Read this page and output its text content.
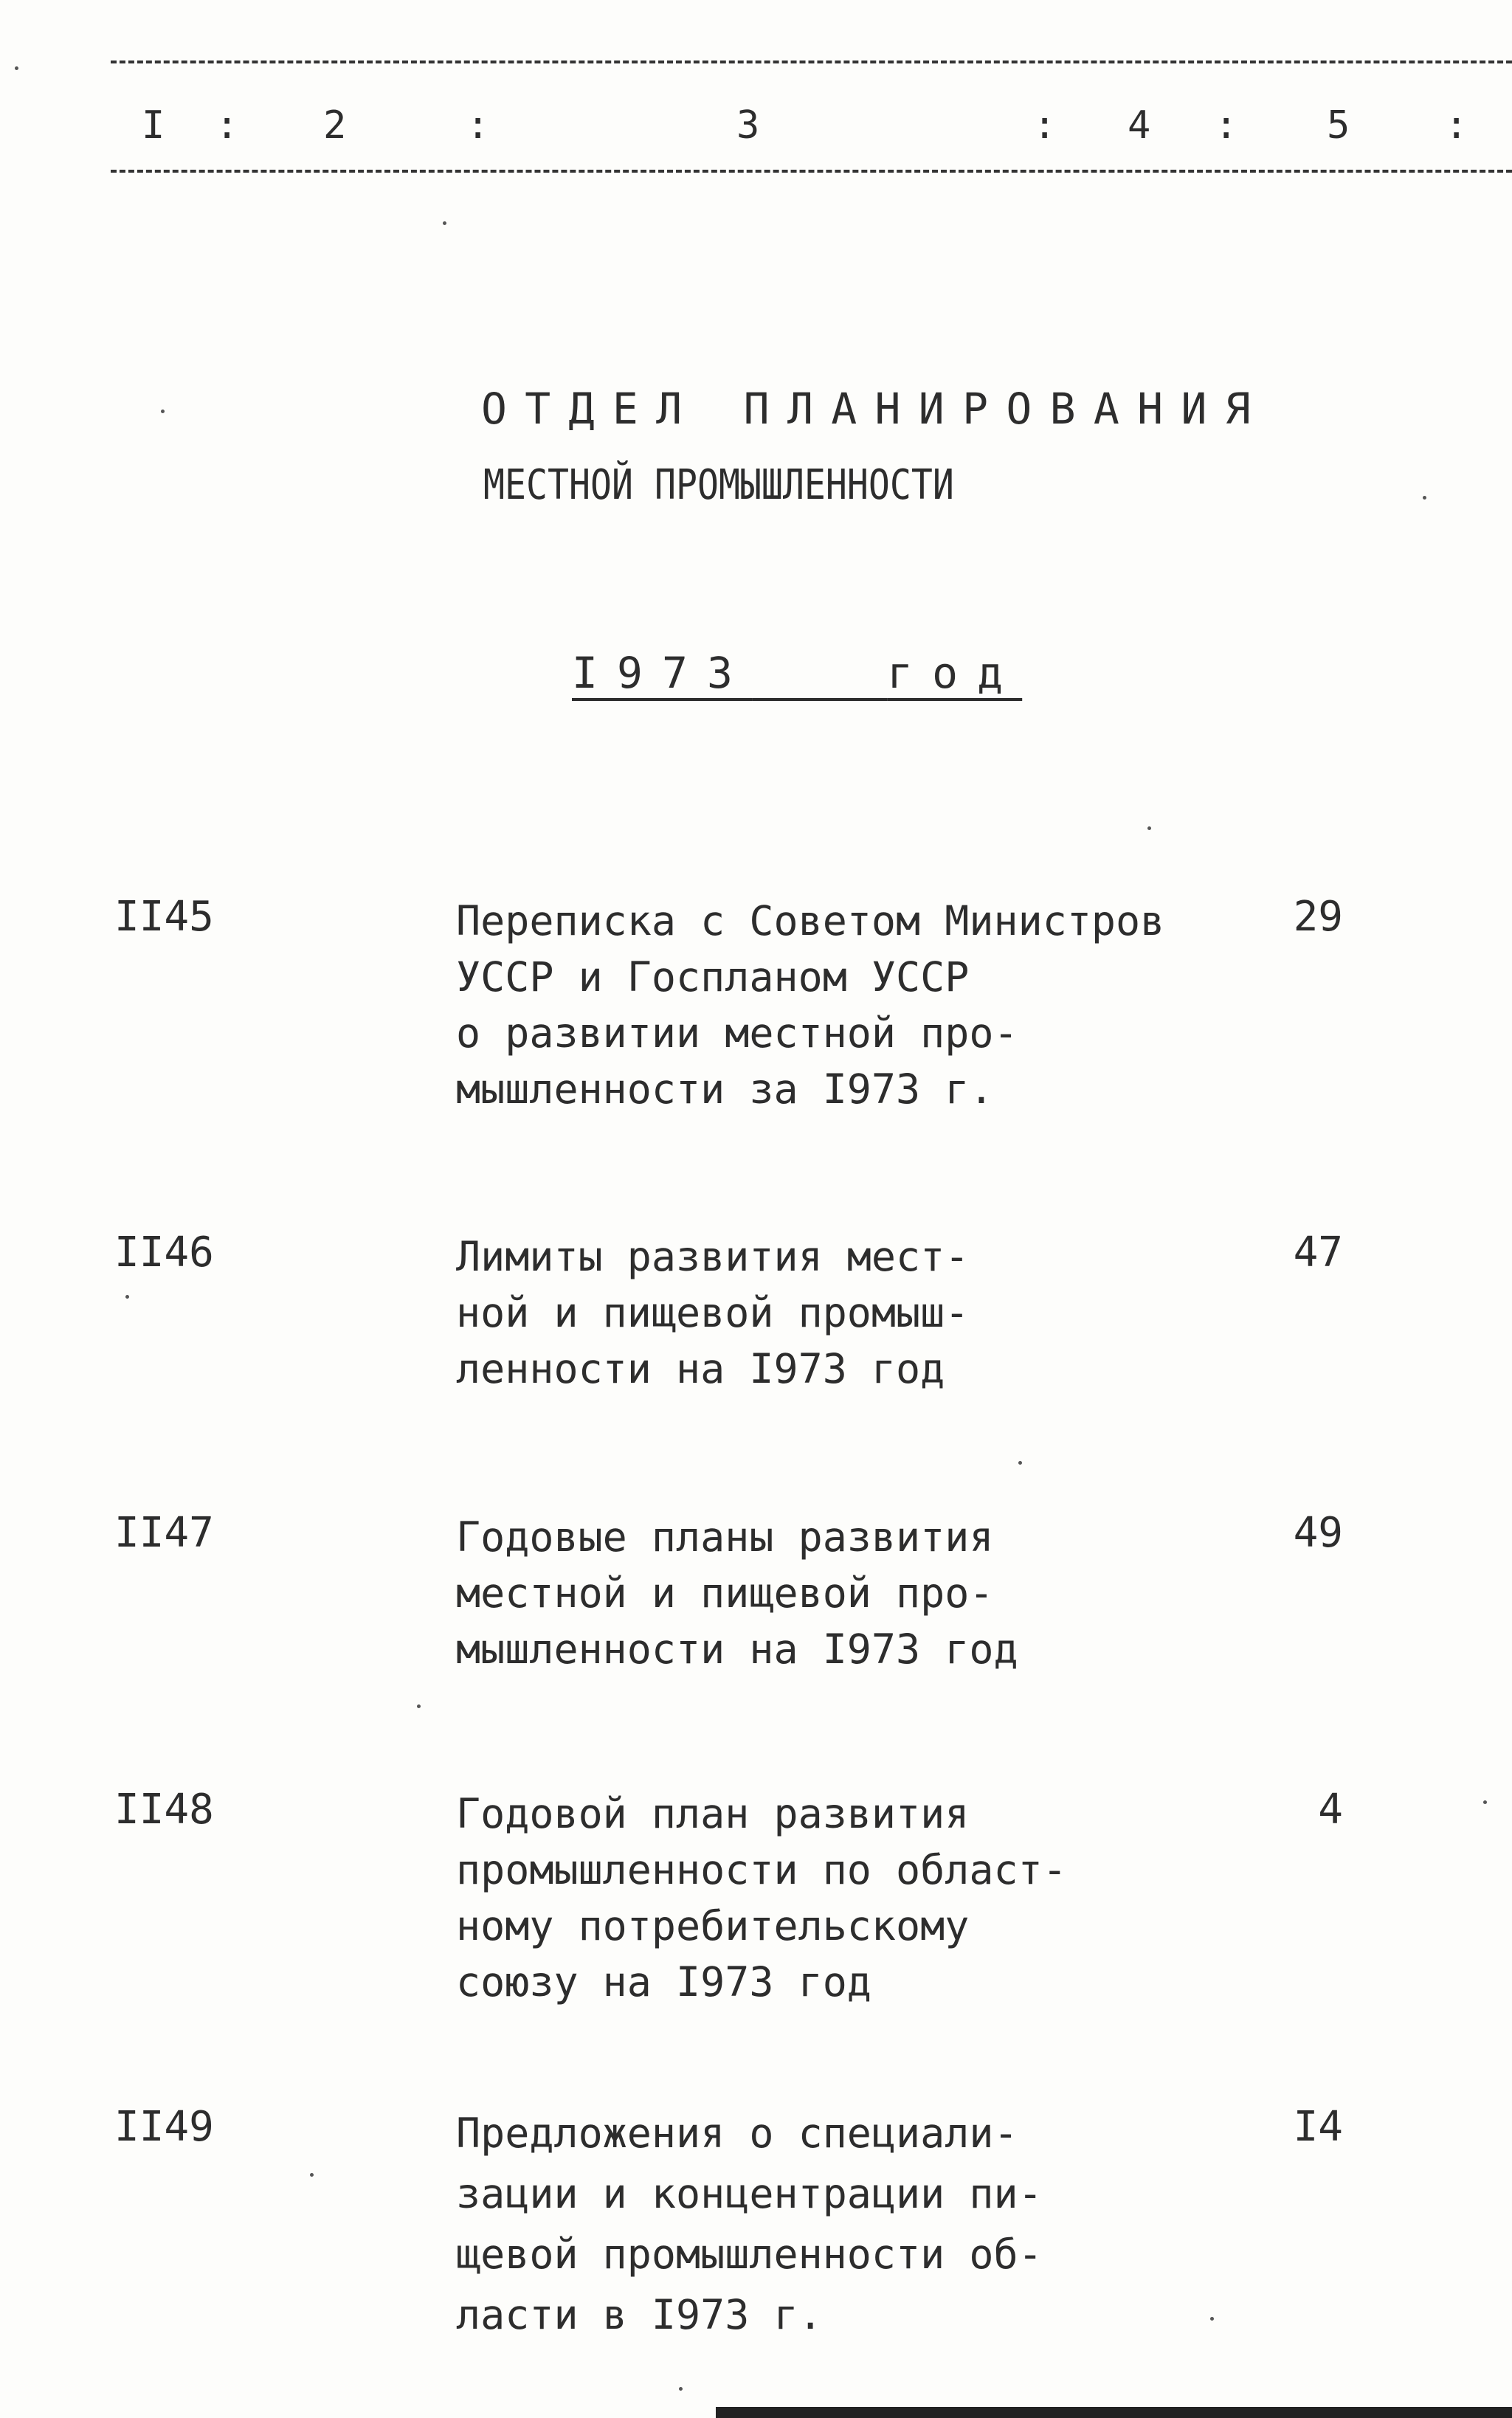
I : 2	:	3	: 4 : 5 :
ОТДЕЛ ПЛАНИРОВАНИЯ
МЕСТНОЙ ПРОМЫШЛЕННОСТИ
I973	год
II45	Переписка с Советом Министров
УССР и Госпланом УССР
о развитии местной про-
мышленности за I973 г.
29
II46	Лимиты развития мест-
ной и пищевой промыш-
ленности на I973 год
47
II47	Годовые планы развития
местной и пищевой про-
мышленности на I973 год
49
II48	Годовой план развития
промышленности по област-
ному потребительскому
союзу на I973 год
4
II49	Предложения о специали-
зации и концентрации пи-
щевой промышленности об-
ласти в I973 г.
I4
